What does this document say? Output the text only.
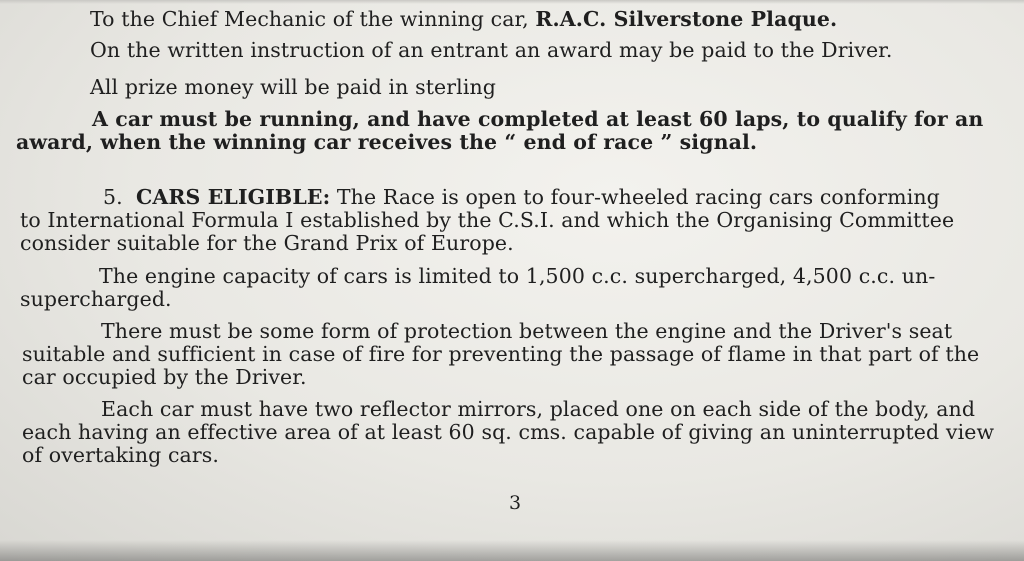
To the Chief Mechanic of the winning car, R.A.C. Silverstone Plaque.
On the written instruction of an entrant an award may be paid to the Driver.
All prize money will be paid in sterling
A car must be running, and have completed at least 60 laps, to qualify for an
award, when the winning car receives the “ end of race ” signal.
5. CARS ELIGIBLE: The Race is open to four-wheeled racing cars conforming
to International Formula I established by the C.S.I. and which the Organising Committee
consider suitable for the Grand Prix of Europe.
The engine capacity of cars is limited to 1,500 c.c. supercharged, 4,500 c.c. un-
supercharged.
There must be some form of protection between the engine and the Driver's seat
suitable and sufficient in case of fire for preventing the passage of flame in that part of the
car occupied by the Driver.
Each car must have two reflector mirrors, placed one on each side of the body, and
each having an effective area of at least 60 sq. cms. capable of giving an uninterrupted view
of overtaking cars.
3
